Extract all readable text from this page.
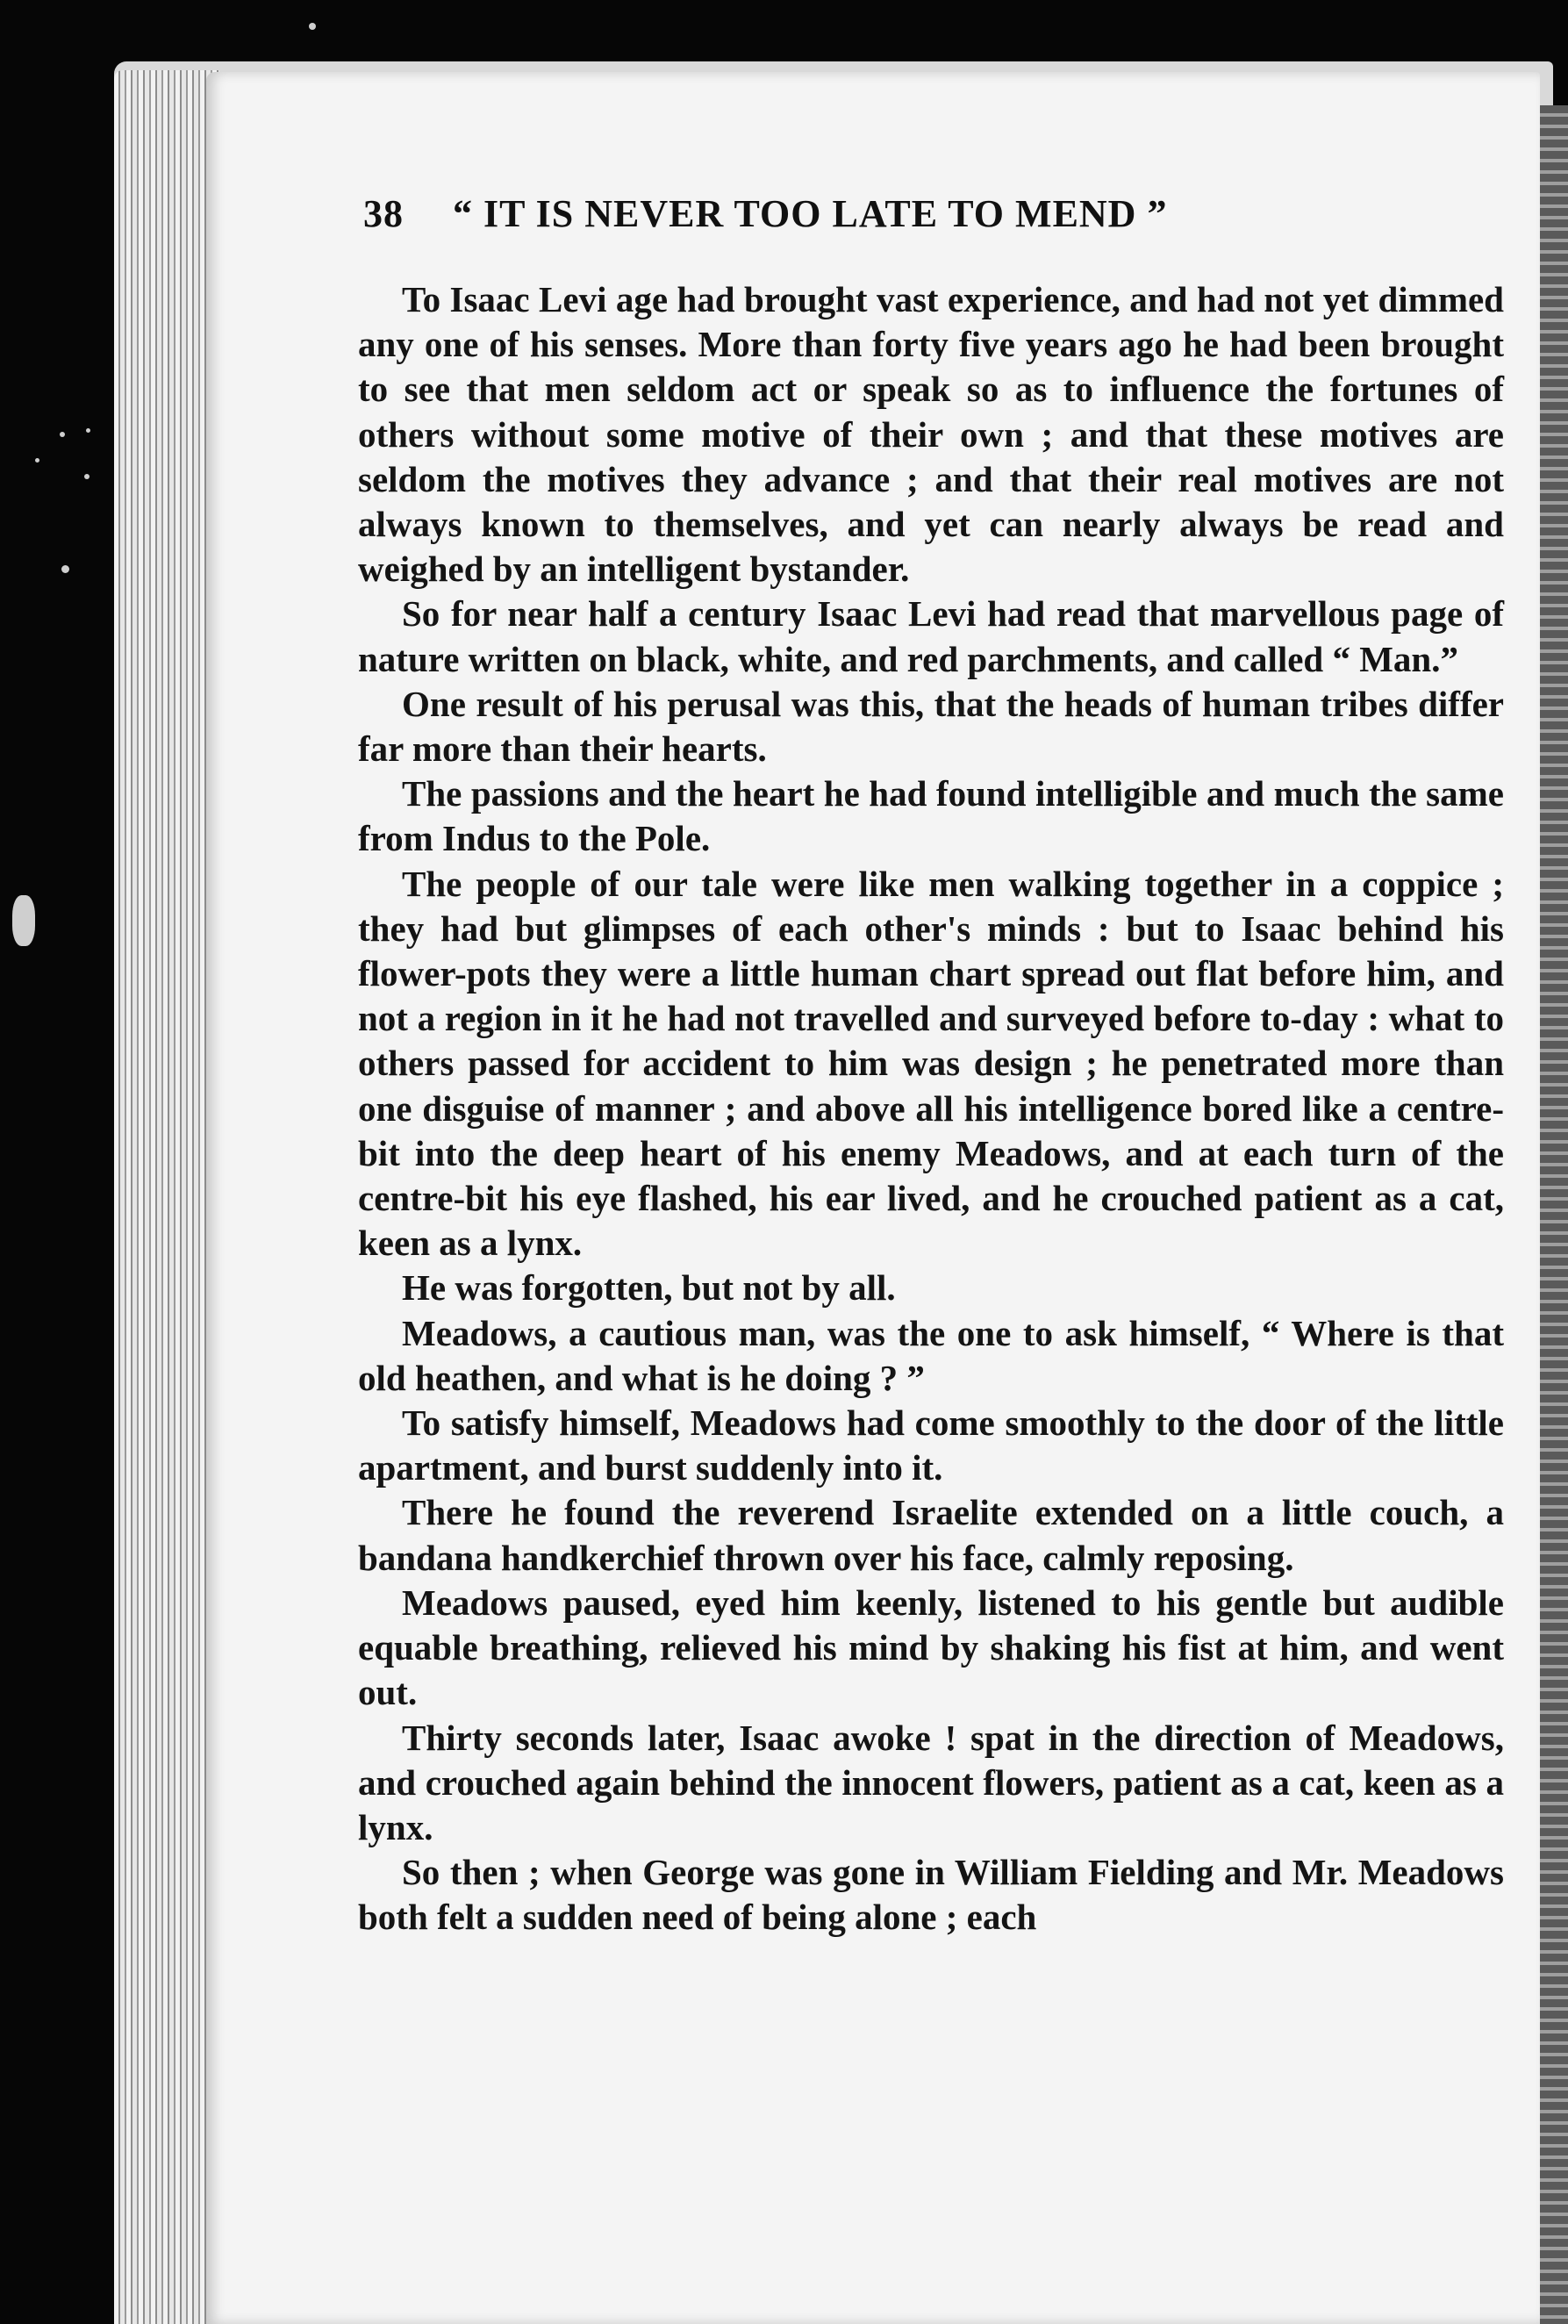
38 “ IT IS NEVER TOO LATE TO MEND ”

To Isaac Levi age had brought vast experience, and had not yet dimmed any one of his senses. More than forty five years ago he had been brought to see that men seldom act or speak so as to influence the fortunes of others without some motive of their own ; and that these motives are seldom the motives they advance ; and that their real motives are not always known to themselves, and yet can nearly always be read and weighed by an intelligent bystander.

So for near half a century Isaac Levi had read that marvellous page of nature written on black, white, and red parchments, and called “ Man.”

One result of his perusal was this, that the heads of human tribes differ far more than their hearts.

The passions and the heart he had found intelligible and much the same from Indus to the Pole.

The people of our tale were like men walking together in a coppice ; they had but glimpses of each other's minds : but to Isaac behind his flower-pots they were a little human chart spread out flat before him, and not a region in it he had not travelled and surveyed before to-day : what to others passed for accident to him was design ; he penetrated more than one disguise of manner ; and above all his intelligence bored like a centre-bit into the deep heart of his enemy Meadows, and at each turn of the centre-bit his eye flashed, his ear lived, and he crouched patient as a cat, keen as a lynx.

He was forgotten, but not by all.

Meadows, a cautious man, was the one to ask himself, “ Where is that old heathen, and what is he doing ? ”

To satisfy himself, Meadows had come smoothly to the door of the little apartment, and burst suddenly into it.

There he found the reverend Israelite extended on a little couch, a bandana handkerchief thrown over his face, calmly reposing.

Meadows paused, eyed him keenly, listened to his gentle but audible equable breathing, relieved his mind by shaking his fist at him, and went out.

Thirty seconds later, Isaac awoke ! spat in the direction of Meadows, and crouched again behind the innocent flowers, patient as a cat, keen as a lynx.

So then ; when George was gone in William Fielding and Mr. Meadows both felt a sudden need of being alone ; each
